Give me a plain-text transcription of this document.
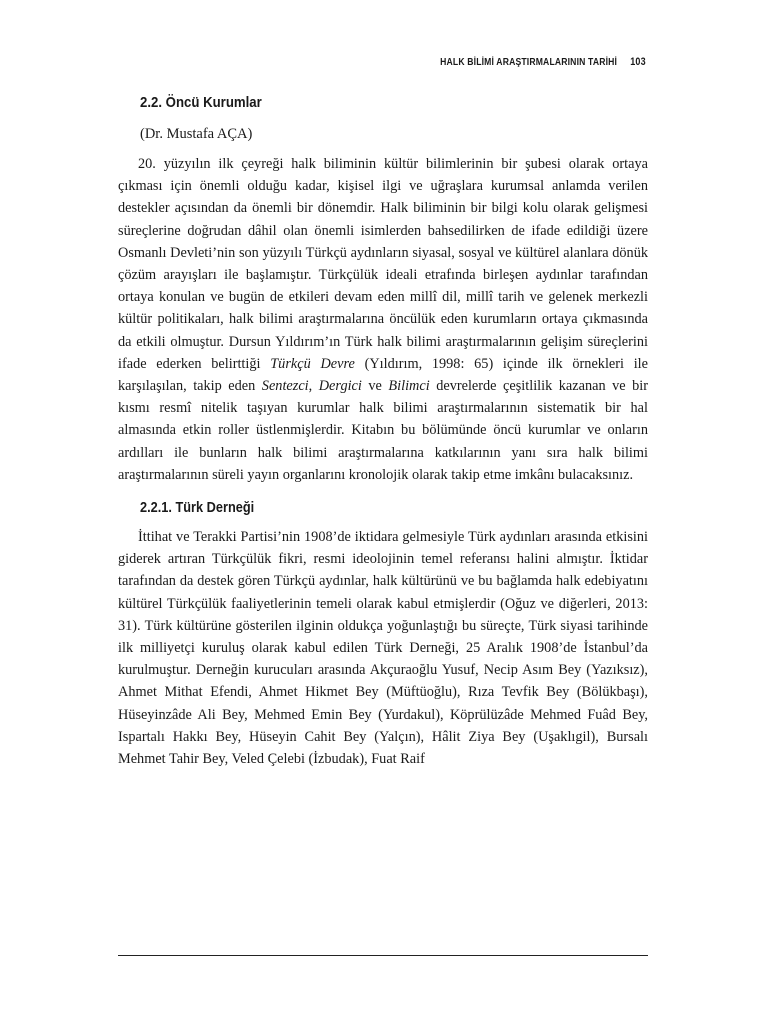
HALK BİLİMİ ARAŞTIRMALARININ TARİHİ 103
2.2. Öncü Kurumlar
(Dr. Mustafa AÇA)

20. yüzyılın ilk çeyreği halk biliminin kültür bilimlerinin bir şubesi olarak ortaya çıkması için önemli olduğu kadar, kişisel ilgi ve uğraşlara kurumsal anlamda verilen destekler açısından da önemli bir dönemdir. Halk biliminin bir bilgi kolu olarak gelişmesi süreçlerine doğrudan dâhil olan önemli isimlerden bahsedilirken de ifade edildiği üzere Osmanlı Devleti’nin son yüzyılı Türkçü aydınların siyasal, sosyal ve kültürel alanlara dönük çözüm arayışları ile başlamıştır. Türkçülük ideali etrafında birleşen aydınlar tarafından ortaya konulan ve bugün de etkileri devam eden millî dil, millî tarih ve gelenek merkezli kültür politikaları, halk bilimi araştırmalarına öncülük eden kurumların ortaya çıkmasında da etkili olmuştur. Dursun Yıldırım’ın Türk halk bilimi araştırmalarının gelişim süreçlerini ifade ederken belirttiği Türkçü Devre (Yıldırım, 1998: 65) içinde ilk örnekleri ile karşılaşılan, takip eden Sentezci, Dergici ve Bilimci devrelerde çeşitlilik kazanan ve bir kısmı resmî nitelik taşıyan kurumlar halk bilimi araştırmalarının sistematik bir hal almasında etkin roller üstlenmişlerdir. Kitabın bu bölümünde öncü kurumlar ve onların ardılları ile bunların halk bilimi araştırmalarına katkılarının yanı sıra halk bilimi araştırmalarının süreli yayın organlarını kronolojik olarak takip etme imkânı bulacaksınız.

2.2.1. Türk Derneği

İttihat ve Terakki Partisi’nin 1908’de iktidara gelmesiyle Türk aydınları arasında etkisini giderek artıran Türkçülük fikri, resmi ideolojinin temel referansı halini almıştır. İktidar tarafından da destek gören Türkçü aydınlar, halk kültürünü ve bu bağlamda halk edebiyatını kültürel Türkçülük faaliyetlerinin temeli olarak kabul etmişlerdir (Oğuz ve diğerleri, 2013: 31). Türk kültürüne gösterilen ilginin oldukça yoğunlaştığı bu süreçte, Türk siyasi tarihinde ilk milliyetçi kuruluş olarak kabul edilen Türk Derneği, 25 Aralık 1908’de İstanbul’da kurulmuştur. Derneğin kurucuları arasında Akçuraoğlu Yusuf, Necip Asım Bey (Yazıksız), Ahmet Mithat Efendi, Ahmet Hikmet Bey (Müftüoğlu), Rıza Tevfik Bey (Bölükbaşı), Hüseyinzâde Ali Bey, Mehmed Emin Bey (Yurdakul), Köprülüzâde Mehmed Fuâd Bey, Ispartalı Hakkı Bey, Hüseyin Cahit Bey (Yalçın), Hâlit Ziya Bey (Uşaklıgil), Bursalı Mehmet Tahir Bey, Veled Çelebi (İzbudak), Fuat Raif
